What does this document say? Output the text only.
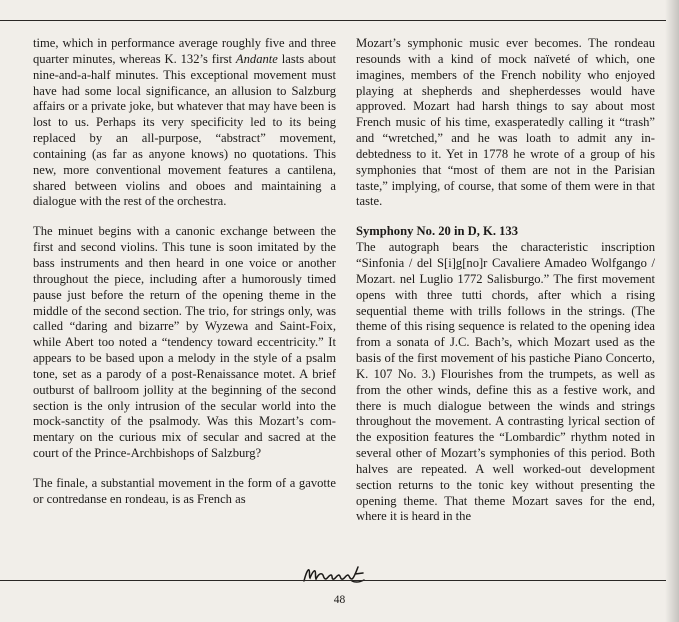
time, which in performance average roughly five and three quarter minutes, whereas K. 132’s first Andante lasts about nine-and-a-half minutes. This exceptional movement must have had some local significance, an allusion to Salzburg affairs or a private joke, but whatever that may have been is lost to us. Perhaps its very specificity led to its being replaced by an all-purpose, “abstract” movement, containing (as far as anyone knows) no quotations. This new, more conventional movement features a cantilena, shared between violins and oboes and maintaining a dialogue with the rest of the orchestra.

The minuet begins with a canonic exchange between the first and second violins. This tune is soon imitated by the bass instruments and then heard in one voice or another throughout the piece, including after a humorously timed pause just before the return of the opening theme in the middle of the second section. The trio, for strings only, was called “daring and bizarre” by Wyzewa and Saint-Foix, while Abert too noted a “tendency toward eccentricity.” It appears to be based upon a melody in the style of a psalm tone, set as a parody of a post-Renaissance motet. A brief outburst of ballroom jollity at the beginning of the second section is the only intrusion of the secular world into the mock-sanctity of the psalmody. Was this Mozart’s commentary on the curious mix of secular and sacred at the court of the Prince-Archbishops of Salzburg?

The finale, a substantial movement in the form of a gavotte or contredanse en rondeau, is as French as

Mozart’s symphonic music ever becomes. The rondeau resounds with a kind of mock naïveté of which, one imagines, members of the French nobility who enjoyed playing at shepherds and shepherdesses would have approved. Mozart had harsh things to say about most French music of his time, exasperatedly calling it “trash” and “wretched,” and he was loath to admit any indebtedness to it. Yet in 1778 he wrote of a group of his symphonies that “most of them are not in the Parisian taste,” implying, of course, that some of them were in that taste.

Symphony No. 20 in D, K. 133

The autograph bears the characteristic inscription “Sinfonia / del S[i]g[no]r Cavaliere Amadeo Wolfgango / Mozart. nel Luglio 1772 Salisburgo.” The first movement opens with three tutti chords, after which a rising sequential theme with trills follows in the strings. (The theme of this rising sequence is related to the opening idea from a sonata of J.C. Bach’s, which Mozart used as the basis of the first movement of his pastiche Piano Concerto, K. 107 No. 3.) Flourishes from the trumpets, as well as from the other winds, define this as a festive work, and there is much dialogue between the winds and strings throughout the movement. A contrasting lyrical section of the exposition features the “Lombardic” rhythm noted in several other of Mozart’s symphonies of this period. Both halves are repeated. A well worked-out development section returns to the tonic key without presenting the opening theme. That theme Mozart saves for the end, where it is heard in the

48
